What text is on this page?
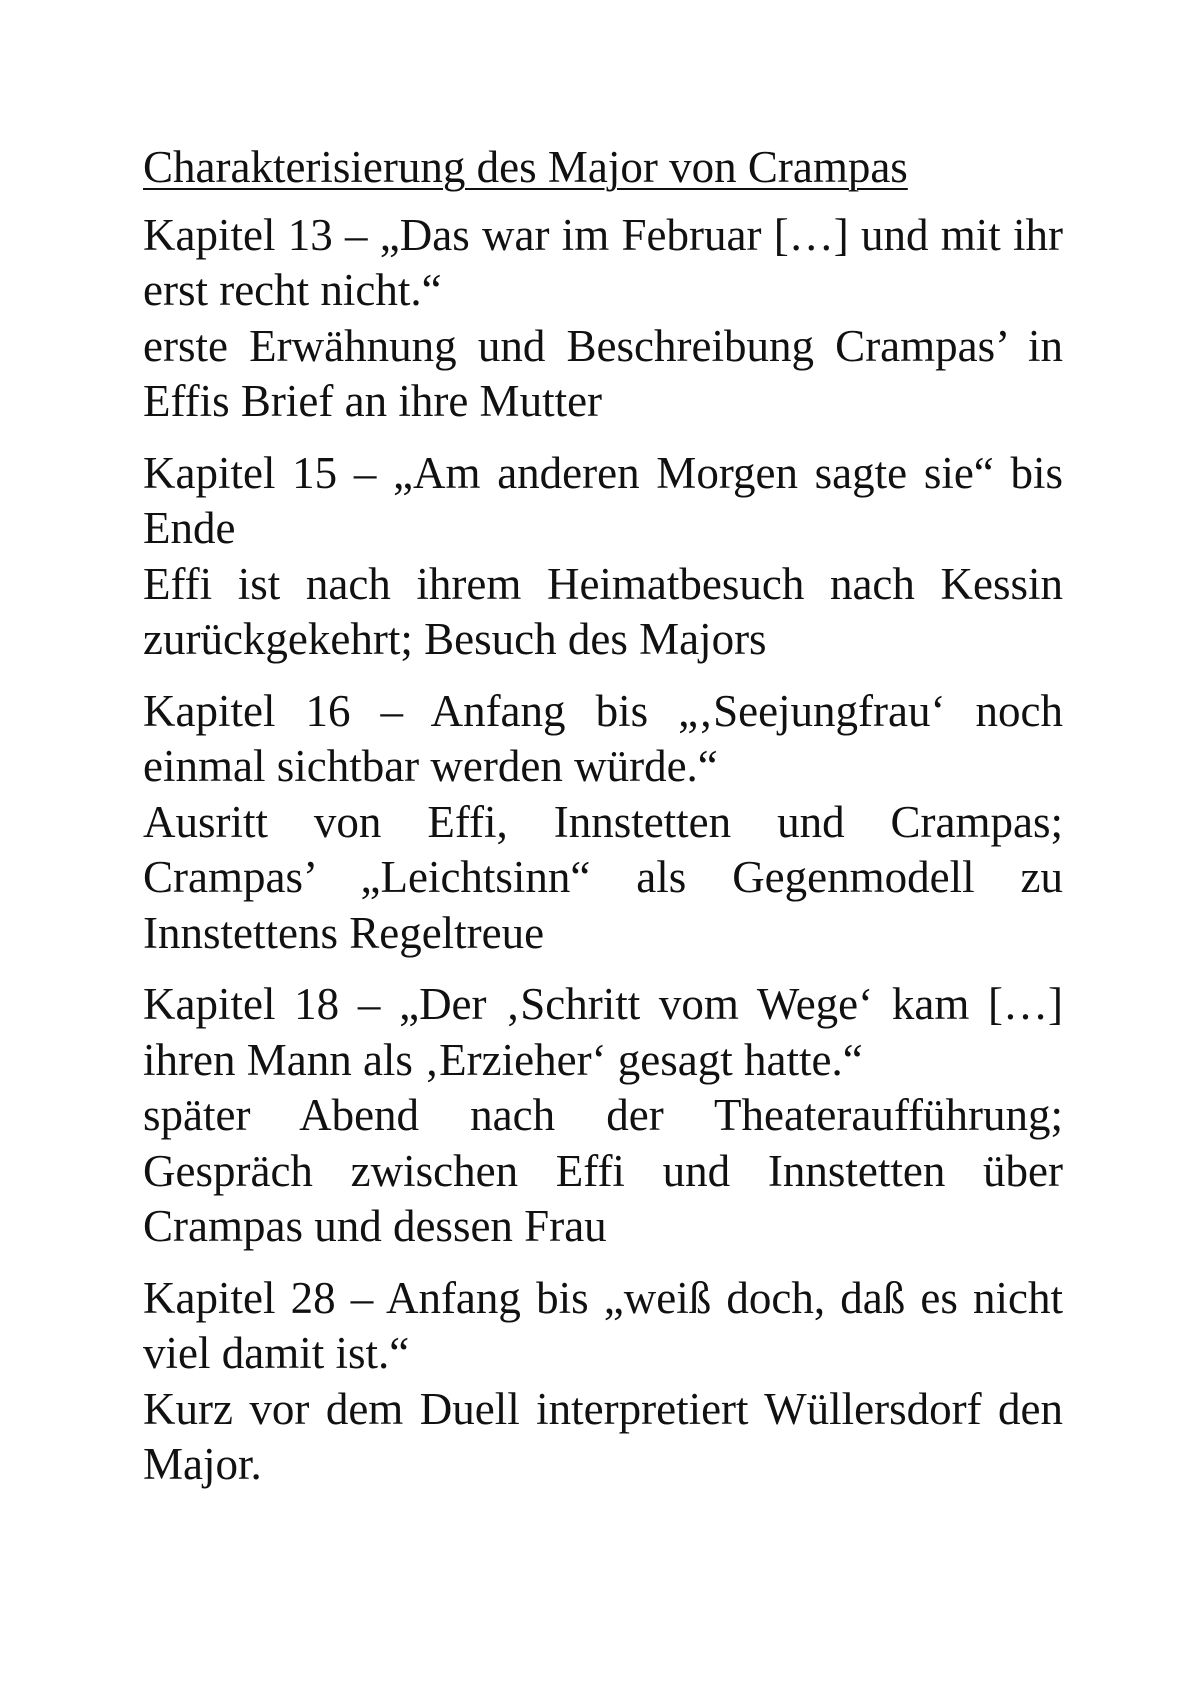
Charakterisierung des Major von Crampas

Kapitel 13 – „Das war im Februar […] und mit ihr erst recht nicht.“

erste Erwähnung und Beschreibung Crampas’ in Effis Brief an ihre Mutter

Kapitel 15 – „Am anderen Morgen sagte sie“ bis Ende

Effi ist nach ihrem Heimatbesuch nach Kessin zurückgekehrt; Besuch des Majors

Kapitel 16 – Anfang bis „‚Seejungfrau‘ noch einmal sichtbar werden würde.“

Ausritt von Effi, Innstetten und Crampas; Crampas’ „Leichtsinn“ als Gegenmodell zu Innstettens Regeltreue

Kapitel 18 – „Der ‚Schritt vom Wege‘ kam […] ihren Mann als ‚Erzieher‘ gesagt hatte.“

später Abend nach der Theateraufführung; Gespräch zwischen Effi und Innstetten über Crampas und dessen Frau

Kapitel 28 – Anfang bis „weiß doch, daß es nicht viel damit ist.“

Kurz vor dem Duell interpretiert Wüllersdorf den Major.
